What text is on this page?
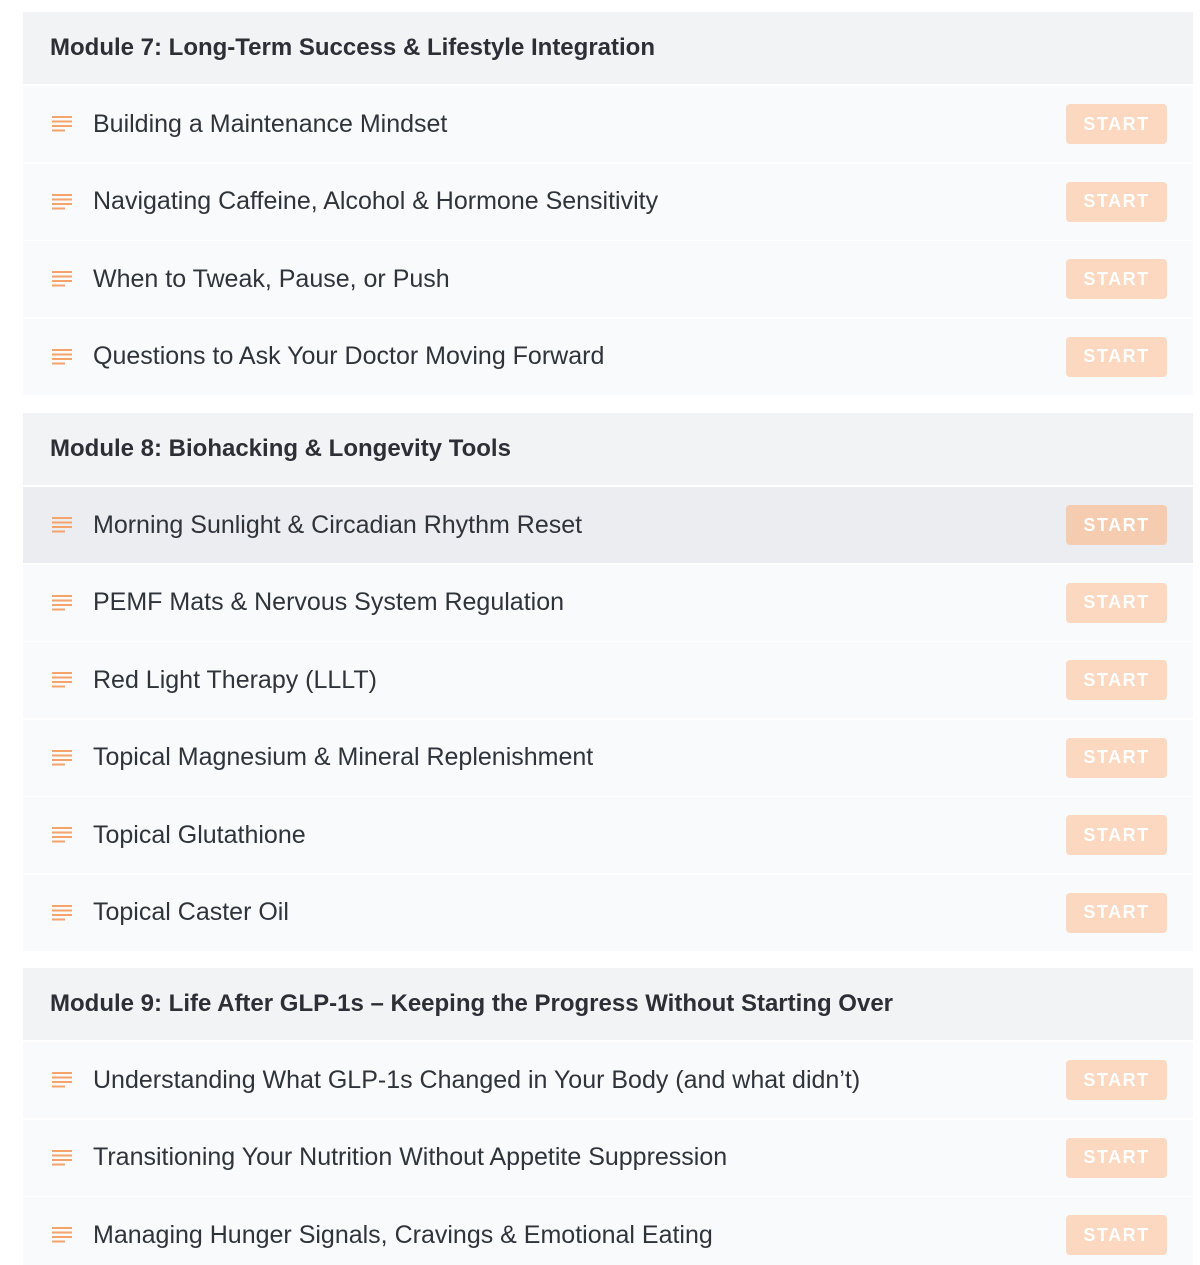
Module 7: Long-Term Success & Lifestyle Integration
Building a Maintenance Mindset	START
Navigating Caffeine, Alcohol & Hormone Sensitivity	START
When to Tweak, Pause, or Push	START
Questions to Ask Your Doctor Moving Forward	START
Module 8: Biohacking & Longevity Tools
Morning Sunlight & Circadian Rhythm Reset	START
PEMF Mats & Nervous System Regulation	START
Red Light Therapy (LLLT)	START
Topical Magnesium & Mineral Replenishment	START
Topical Glutathione	START
Topical Caster Oil	START
Module 9: Life After GLP-1s – Keeping the Progress Without Starting Over
Understanding What GLP-1s Changed in Your Body (and what didn’t)	START
Transitioning Your Nutrition Without Appetite Suppression	START
Managing Hunger Signals, Cravings & Emotional Eating	START
